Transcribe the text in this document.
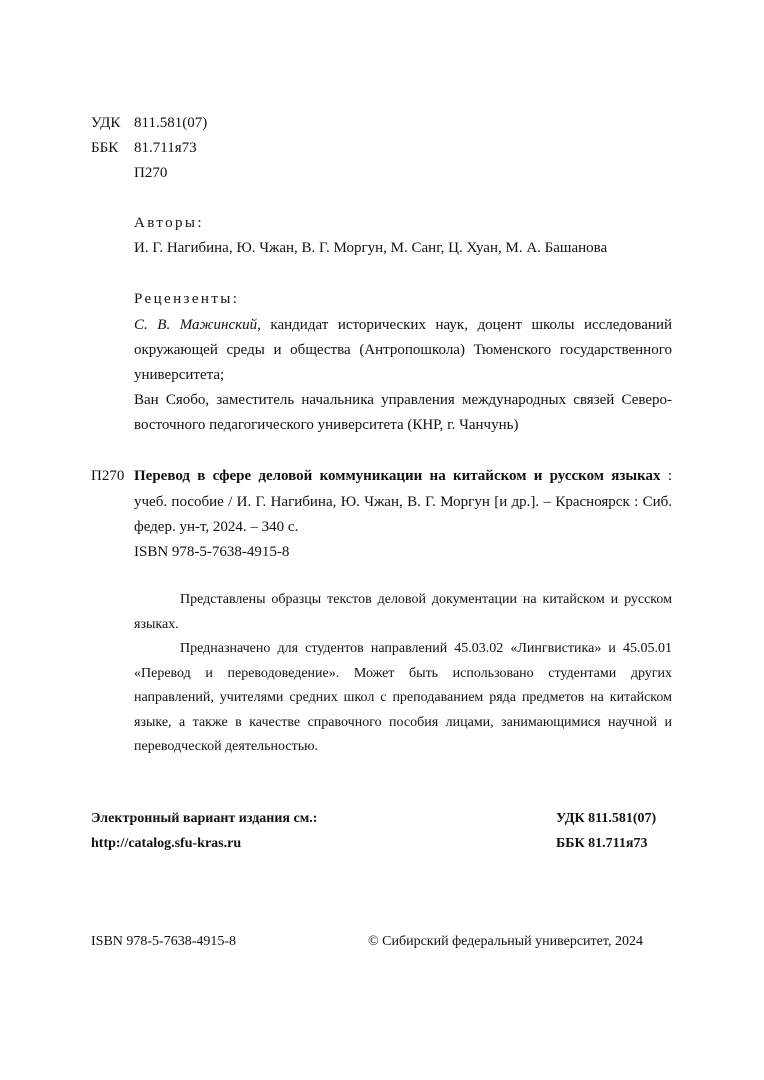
УДК 811.581(07)
ББК 81.711я73
П270
Авторы:
И. Г. Нагибина, Ю. Чжан, В. Г. Моргун, М. Санг, Ц. Хуан, М. А. Башанова
Рецензенты:
С. В. Мажинский, кандидат исторических наук, доцент школы исследований окружающей среды и общества (Антропошкола) Тюменского государственного университета;
Ван Сяобо, заместитель начальника управления международных связей Северо-восточного педагогического университета (КНР, г. Чанчунь)
П270 Перевод в сфере деловой коммуникации на китайском и русском языках : учеб. пособие / И. Г. Нагибина, Ю. Чжан, В. Г. Моргун [и др.]. – Красноярск : Сиб. федер. ун-т, 2024. – 340 с.
ISBN 978-5-7638-4915-8
Представлены образцы текстов деловой документации на китайском и русском языках.
Предназначено для студентов направлений 45.03.02 «Лингвистика» и 45.05.01 «Перевод и переводоведение». Может быть использовано студентами других направлений, учителями средних школ с преподаванием ряда предметов на китайском языке, а также в качестве справочного пособия лицами, занимающимися научной и переводческой деятельностью.
Электронный вариант издания см.:
http://catalog.sfu-kras.ru
УДК 811.581(07)
ББК 81.711я73
ISBN 978-5-7638-4915-8	© Сибирский федеральный университет, 2024
